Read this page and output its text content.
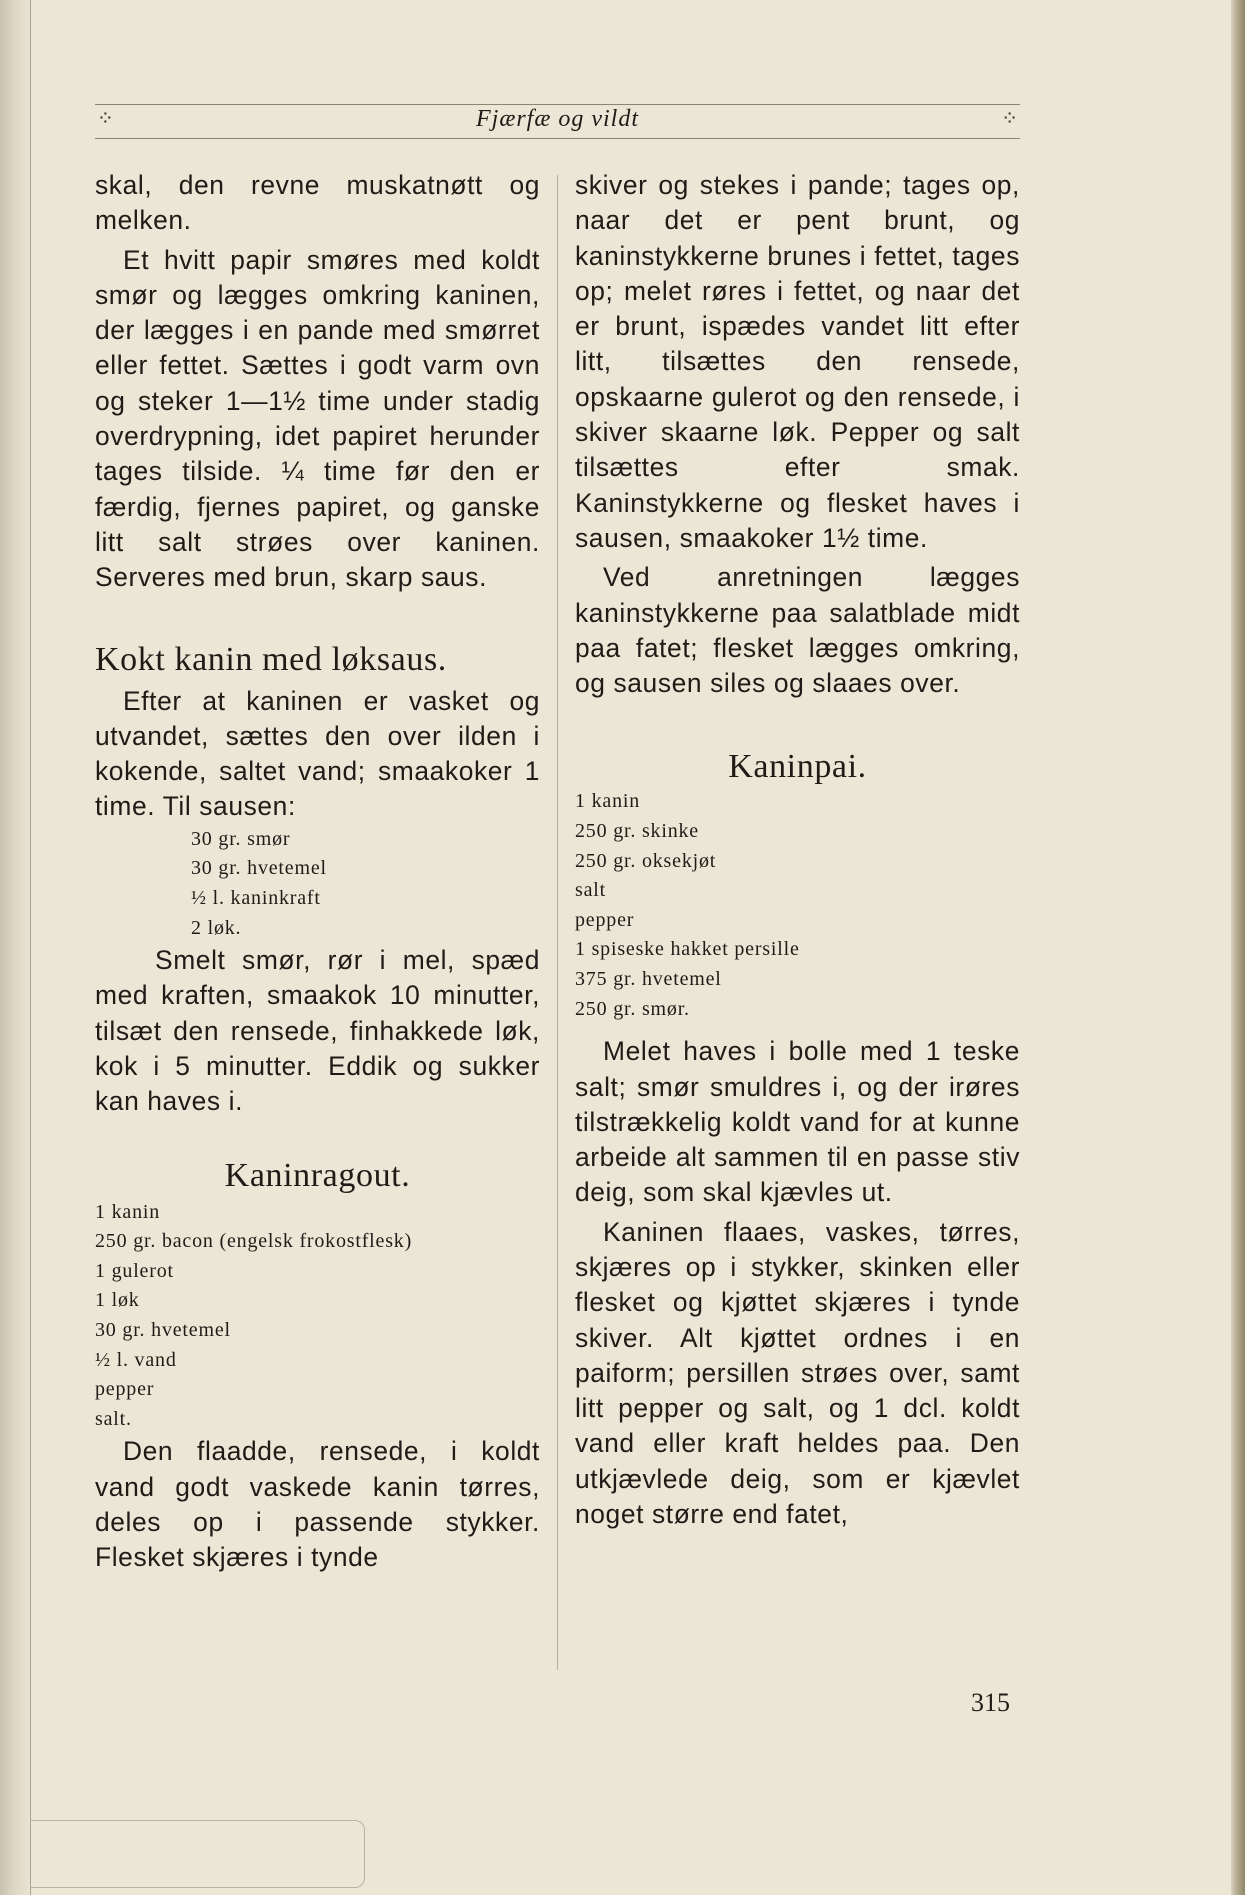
⁘	Fjærfæ og vildt	⁘

skal, den revne muskatnøtt og melken.

Et hvitt papir smøres med koldt smør og lægges omkring kaninen, der lægges i en pande med smørret eller fettet. Sættes i godt varm ovn og steker 1—1½ time under stadig overdrypning, idet papiret herunder tages tilside. ¼ time før den er færdig, fjernes papiret, og ganske litt salt strøes over kaninen. Serveres med brun, skarp saus.

Kokt kanin med løksaus.

Efter at kaninen er vasket og utvandet, sættes den over ilden i kokende, saltet vand; smaakoker 1 time. Til sausen:

30 gr. smør
30 gr. hvetemel
½ l. kaninkraft
2 løk.

Smelt smør, rør i mel, spæd med kraften, smaakok 10 minutter, tilsæt den rensede, finhakkede løk, kok i 5 minutter. Eddik og sukker kan haves i.

Kaninragout.
1 kanin
250 gr. bacon (engelsk frokostflesk)
1 gulerot
1 løk
30 gr. hvetemel
½ l. vand
pepper
salt.

Den flaadde, rensede, i koldt vand godt vaskede kanin tørres, deles op i passende stykker. Flesket skjæres i tynde

skiver og stekes i pande; tages op, naar det er pent brunt, og kaninstykkerne brunes i fettet, tages op; melet røres i fettet, og naar det er brunt, ispædes vandet litt efter litt, tilsættes den rensede, opskaarne gulerot og den rensede, i skiver skaarne løk. Pepper og salt tilsættes efter smak. Kaninstykkerne og flesket haves i sausen, smaakoker 1½ time.

Ved anretningen lægges kaninstykkerne paa salatblade midt paa fatet; flesket lægges omkring, og sausen siles og slaaes over.

Kaninpai.
1 kanin
250 gr. skinke
250 gr. oksekjøt
salt
pepper
1 spiseske hakket persille
375 gr. hvetemel
250 gr. smør.

Melet haves i bolle med 1 teske salt; smør smuldres i, og der irøres tilstrækkelig koldt vand for at kunne arbeide alt sammen til en passe stiv deig, som skal kjævles ut.

Kaninen flaaes, vaskes, tørres, skjæres op i stykker, skinken eller flesket og kjøttet skjæres i tynde skiver. Alt kjøttet ordnes i en paiform; persillen strøes over, samt litt pepper og salt, og 1 dcl. koldt vand eller kraft heldes paa. Den utkjævlede deig, som er kjævlet noget større end fatet,

315
